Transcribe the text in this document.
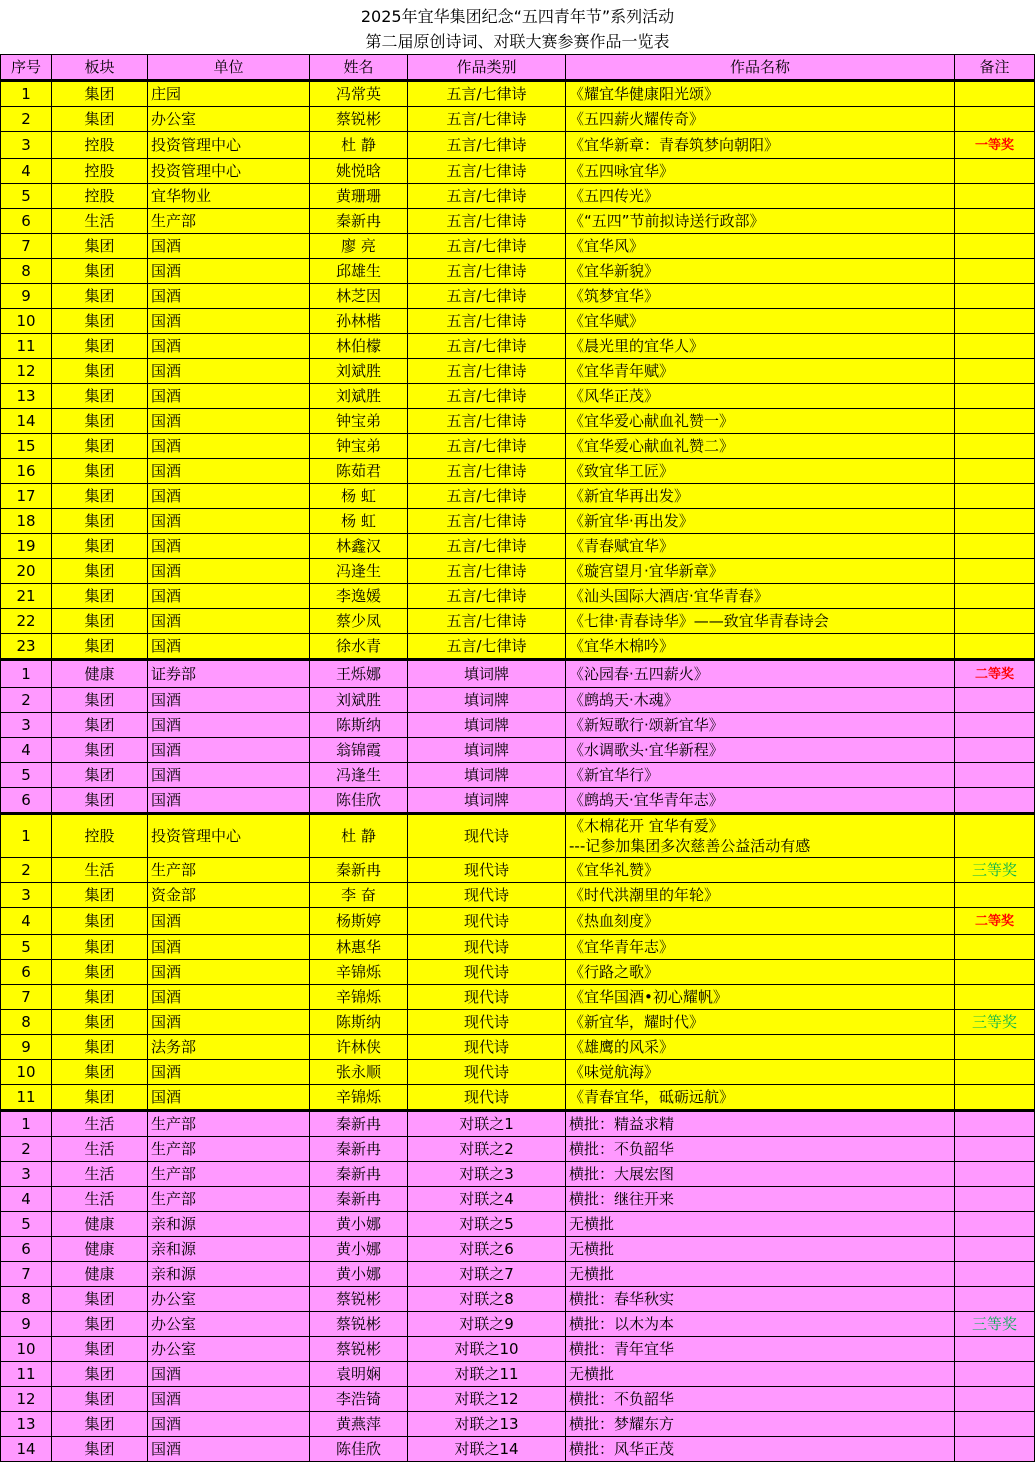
2025年宜华集团纪念“五四青年节”系列活动
第二届原创诗词、对联大赛参赛作品一览表
序号	板块	单位	姓名	作品类别	作品名称	备注
1	集团	庄园	冯常英	五言/七律诗	《耀宜华健康阳光颂》	
2	集团	办公室	蔡锐彬	五言/七律诗	《五四薪火耀传奇》	
3	控股	投资管理中心	杜 静	五言/七律诗	《宜华新章：青春筑梦向朝阳》	一等奖
4	控股	投资管理中心	姚悦晗	五言/七律诗	《五四咏宜华》	
5	控股	宜华物业	黄珊珊	五言/七律诗	《五四传光》	
6	生活	生产部	秦新冉	五言/七律诗	《“五四”节前拟诗送行政部》	
7	集团	国酒	廖 亮	五言/七律诗	《宜华风》	
8	集团	国酒	邱雄生	五言/七律诗	《宜华新貌》	
9	集团	国酒	林芝因	五言/七律诗	《筑梦宜华》	
10	集团	国酒	孙林楷	五言/七律诗	《宜华赋》	
11	集团	国酒	林伯檬	五言/七律诗	《晨光里的宜华人》	
12	集团	国酒	刘斌胜	五言/七律诗	《宜华青年赋》	
13	集团	国酒	刘斌胜	五言/七律诗	《风华正茂》	
14	集团	国酒	钟宝弟	五言/七律诗	《宜华爱心献血礼赞一》	
15	集团	国酒	钟宝弟	五言/七律诗	《宜华爱心献血礼赞二》	
16	集团	国酒	陈茹君	五言/七律诗	《致宜华工匠》	
17	集团	国酒	杨 虹	五言/七律诗	《新宜华再出发》	
18	集团	国酒	杨 虹	五言/七律诗	《新宜华·再出发》	
19	集团	国酒	林鑫汉	五言/七律诗	《青春赋宜华》	
20	集团	国酒	冯逢生	五言/七律诗	《璇宫望月·宜华新章》	
21	集团	国酒	李逸媛	五言/七律诗	《汕头国际大酒店·宜华青春》	
22	集团	国酒	蔡少凤	五言/七律诗	《七律·青春诗华》——致宜华青春诗会	
23	集团	国酒	徐水青	五言/七律诗	《宜华木棉吟》	
1	健康	证券部	王烁娜	填词牌	《沁园春·五四薪火》	二等奖
2	集团	国酒	刘斌胜	填词牌	《鹧鸪天·木魂》	
3	集团	国酒	陈斯纳	填词牌	《新短歌行·颂新宜华》	
4	集团	国酒	翁锦霞	填词牌	《水调歌头·宜华新程》	
5	集团	国酒	冯逢生	填词牌	《新宜华行》	
6	集团	国酒	陈佳欣	填词牌	《鹧鸪天·宜华青年志》	
1	控股	投资管理中心	杜 静	现代诗	《木棉花开 宜华有爱》
---记参加集团多次慈善公益活动有感	

2	生活	生产部	秦新冉	现代诗	《宜华礼赞》	三等奖
3	集团	资金部	李 奋	现代诗	《时代洪潮里的年轮》	
4	集团	国酒	杨斯婷	现代诗	《热血刻度》	二等奖
5	集团	国酒	林惠华	现代诗	《宜华青年志》	
6	集团	国酒	辛锦烁	现代诗	《行路之歌》	
7	集团	国酒	辛锦烁	现代诗	《宜华国酒•初心耀帆》	
8	集团	国酒	陈斯纳	现代诗	《新宜华，耀时代》	三等奖
9	集团	法务部	许林侠	现代诗	《雄鹰的风采》	
10	集团	国酒	张永顺	现代诗	《味觉航海》	
11	集团	国酒	辛锦烁	现代诗	《青春宜华，砥砺远航》	
1	生活	生产部	秦新冉	对联之1	横批：精益求精	
2	生活	生产部	秦新冉	对联之2	横批：不负韶华	
3	生活	生产部	秦新冉	对联之3	横批：大展宏图	
4	生活	生产部	秦新冉	对联之4	横批：继往开来	
5	健康	亲和源	黄小娜	对联之5	无横批	
6	健康	亲和源	黄小娜	对联之6	无横批	
7	健康	亲和源	黄小娜	对联之7	无横批	
8	集团	办公室	蔡锐彬	对联之8	横批：春华秋实	
9	集团	办公室	蔡锐彬	对联之9	横批：以木为本	三等奖
10	集团	办公室	蔡锐彬	对联之10	横批：青年宜华	
11	集团	国酒	袁明娴	对联之11	无横批	
12	集团	国酒	李浩锜	对联之12	横批：不负韶华	
13	集团	国酒	黄燕萍	对联之13	横批：梦耀东方	
14	集团	国酒	陈佳欣	对联之14	横批：风华正茂	
